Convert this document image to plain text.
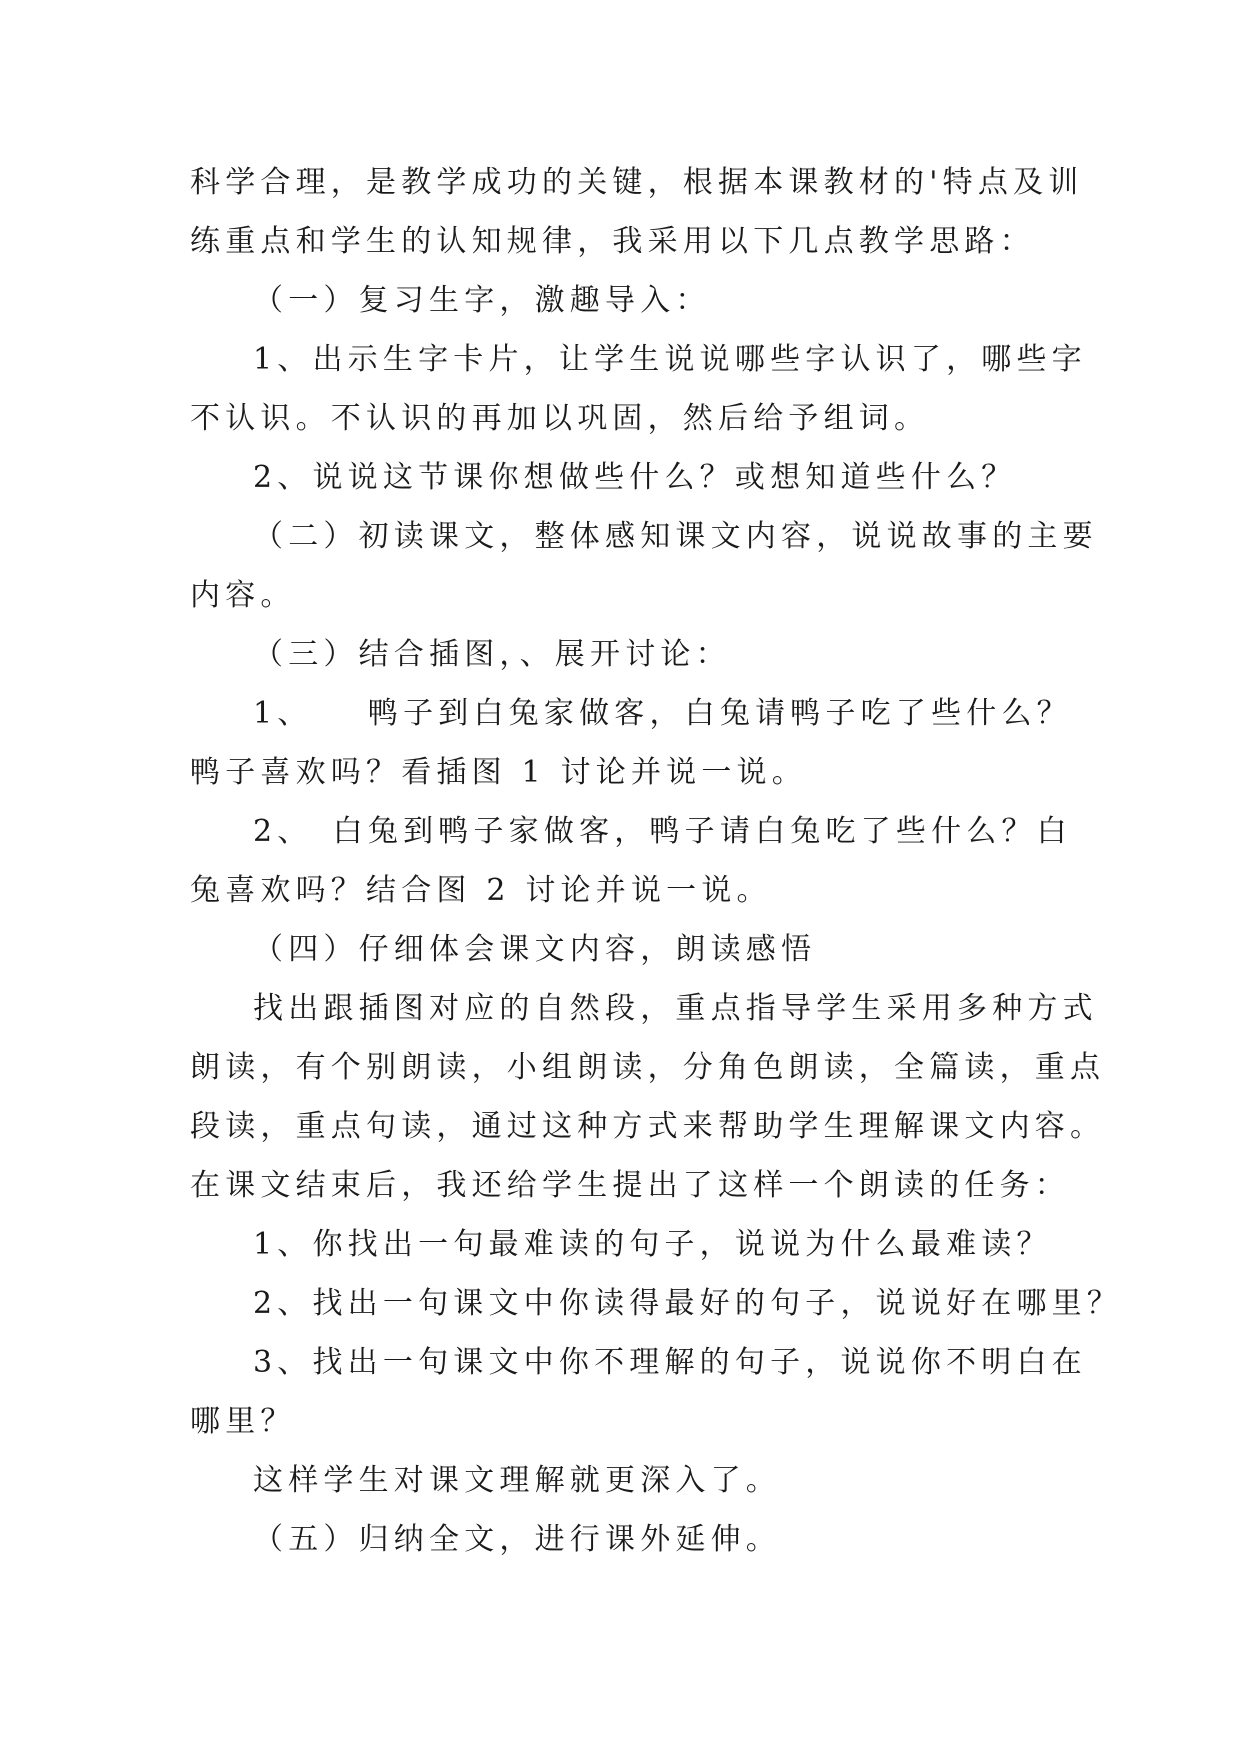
科学合理，是教学成功的关键，根据本课教材的'特点及训
练重点和学生的认知规律，我采用以下几点教学思路：
（一）复习生字，激趣导入：
1、出示生字卡片，让学生说说哪些字认识了，哪些字
不认识。不认识的再加以巩固，然后给予组词。
2、说说这节课你想做些什么？或想知道些什么？
（二）初读课文，整体感知课文内容，说说故事的主要
内容。
（三）结合插图，、展开讨论：
1、　　鸭子到白兔家做客，白兔请鸭子吃了些什么？
鸭子喜欢吗？看插图 1 讨论并说一说。
2、　白兔到鸭子家做客，鸭子请白兔吃了些什么？白
兔喜欢吗？结合图 2 讨论并说一说。
（四）仔细体会课文内容，朗读感悟
找出跟插图对应的自然段，重点指导学生采用多种方式
朗读，有个别朗读，小组朗读，分角色朗读，全篇读，重点
段读，重点句读，通过这种方式来帮助学生理解课文内容。
在课文结束后，我还给学生提出了这样一个朗读的任务：
1、你找出一句最难读的句子，说说为什么最难读？
2、找出一句课文中你读得最好的句子，说说好在哪里？
3、找出一句课文中你不理解的句子，说说你不明白在
哪里？
这样学生对课文理解就更深入了。
（五）归纳全文，进行课外延伸。
